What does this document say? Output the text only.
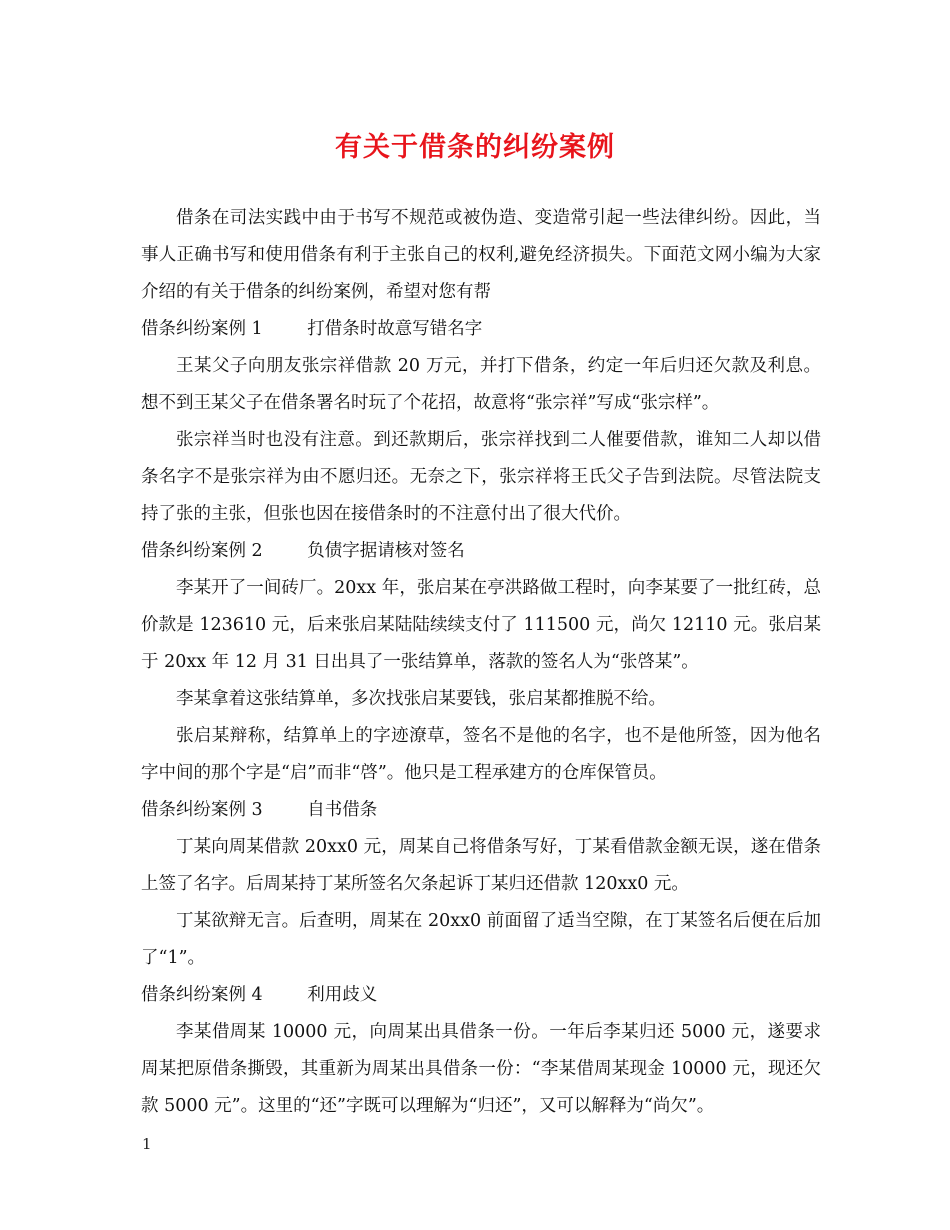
有关于借条的纠纷案例

借条在司法实践中由于书写不规范或被伪造、变造常引起一些法律纠纷。因此，当事人正确书写和使用借条有利于主张自己的权利,避免经济损失。下面范文网小编为大家介绍的有关于借条的纠纷案例，希望对您有帮

借条纠纷案例 1        打借条时故意写错名字

王某父子向朋友张宗祥借款 20 万元，并打下借条，约定一年后归还欠款及利息。想不到王某父子在借条署名时玩了个花招，故意将“张宗祥”写成“张宗样”。

张宗祥当时也没有注意。到还款期后，张宗祥找到二人催要借款，谁知二人却以借条名字不是张宗祥为由不愿归还。无奈之下，张宗祥将王氏父子告到法院。尽管法院支持了张的主张，但张也因在接借条时的不注意付出了很大代价。

借条纠纷案例 2        负债字据请核对签名

李某开了一间砖厂。20xx 年，张启某在亭洪路做工程时，向李某要了一批红砖，总价款是 123610 元，后来张启某陆陆续续支付了 111500 元，尚欠 12110 元。张启某于 20xx 年 12 月 31 日出具了一张结算单，落款的签名人为“张啓某”。

李某拿着这张结算单，多次找张启某要钱，张启某都推脱不给。

张启某辩称，结算单上的字迹潦草，签名不是他的名字，也不是他所签，因为他名字中间的那个字是“启”而非“啓”。他只是工程承建方的仓库保管员。

借条纠纷案例 3        自书借条

丁某向周某借款 20xx0 元，周某自己将借条写好，丁某看借款金额无误，遂在借条上签了名字。后周某持丁某所签名欠条起诉丁某归还借款 120xx0 元。

丁某欲辩无言。后查明，周某在 20xx0 前面留了适当空隙，在丁某签名后便在后加了“1”。

借条纠纷案例 4        利用歧义

李某借周某 10000 元，向周某出具借条一份。一年后李某归还 5000 元，遂要求周某把原借条撕毁，其重新为周某出具借条一份：“李某借周某现金 10000 元，现还欠款 5000 元”。这里的“还”字既可以理解为“归还”，又可以解释为“尚欠”。

1
